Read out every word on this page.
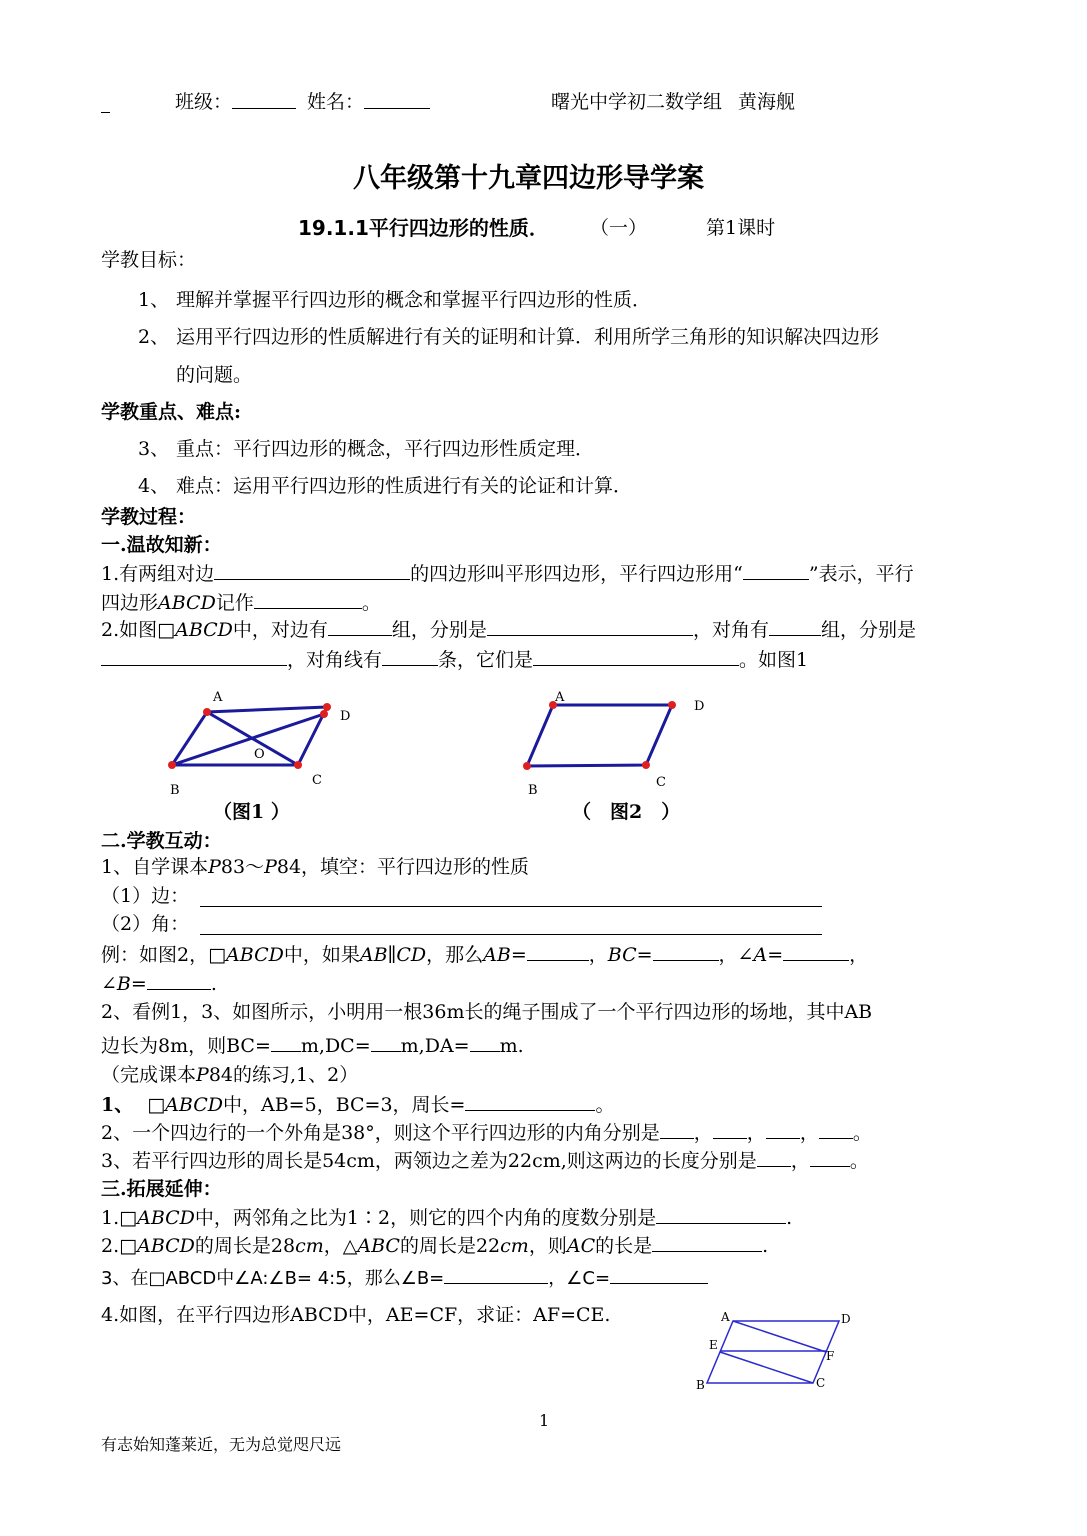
班级：	姓名：	曙光中学初二数学组 黄海舰
八年级第十九章四边形导学案
19.1.1平行四边形的性质． （一）	第1课时
学教目标：
1、 理解并掌握平行四边形的概念和掌握平行四边形的性质．
2、 运用平行四边形的性质解进行有关的证明和计算．利用所学三角形的知识解决四边形
的问题。
学教重点、难点:
3、 重点：平行四边形的概念，平行四边形性质定理．
4、 难点：运用平行四边形的性质进行有关的论证和计算．
学教过程：
一.温故知新：
1.有两组对边	的四边形叫平形四边形，平行四边形用“	”表示，平行
四边形ABCD记作	。
2.如图□ABCD中，对边有	组，分别是	，对角有	组，分别是
，对角线有	条，它们是	。如图1
A
D
O
B
C
（图1 ）
A
D
B
C
（　图2　）
二.学教互动：
1、自学课本P83～P84，填空：平行四边形的性质
（1）边：
（2）角：
例：如图2，□ABCD中，如果AB∥CD，那么AB=	，BC=	，∠A=	，
∠B=	.
2、看例1，3、如图所示，小明用一根36m长的绳子围成了一个平行四边形的场地，其中AB
边长为8m，则BC= m,DC= m,DA= m.
（完成课本P84的练习,1、2）
1、 □ABCD中，AB=5，BC=3，周长=	。
2、一个四边行的一个外角是38°，则这个平行四边形的内角分别是 ， ， ， 。
3、若平行四边形的周长是54cm，两领边之差为22cm,则这两边的长度分别是 ， 。
三.拓展延伸：
1.□ABCD中，两邻角之比为1∶2，则它的四个内角的度数分别是	.
2.□ABCD的周长是28cm，△ABC的周长是22cm，则AC的长是	.
3、在□ABCD中∠A:∠B= 4:5，那么∠B=	，∠C=
4.如图，在平行四边形ABCD中，AE=CF，求证：AF=CE.	A	D
E
F
B	C
1
有志始知蓬莱近，无为总觉咫尺远
